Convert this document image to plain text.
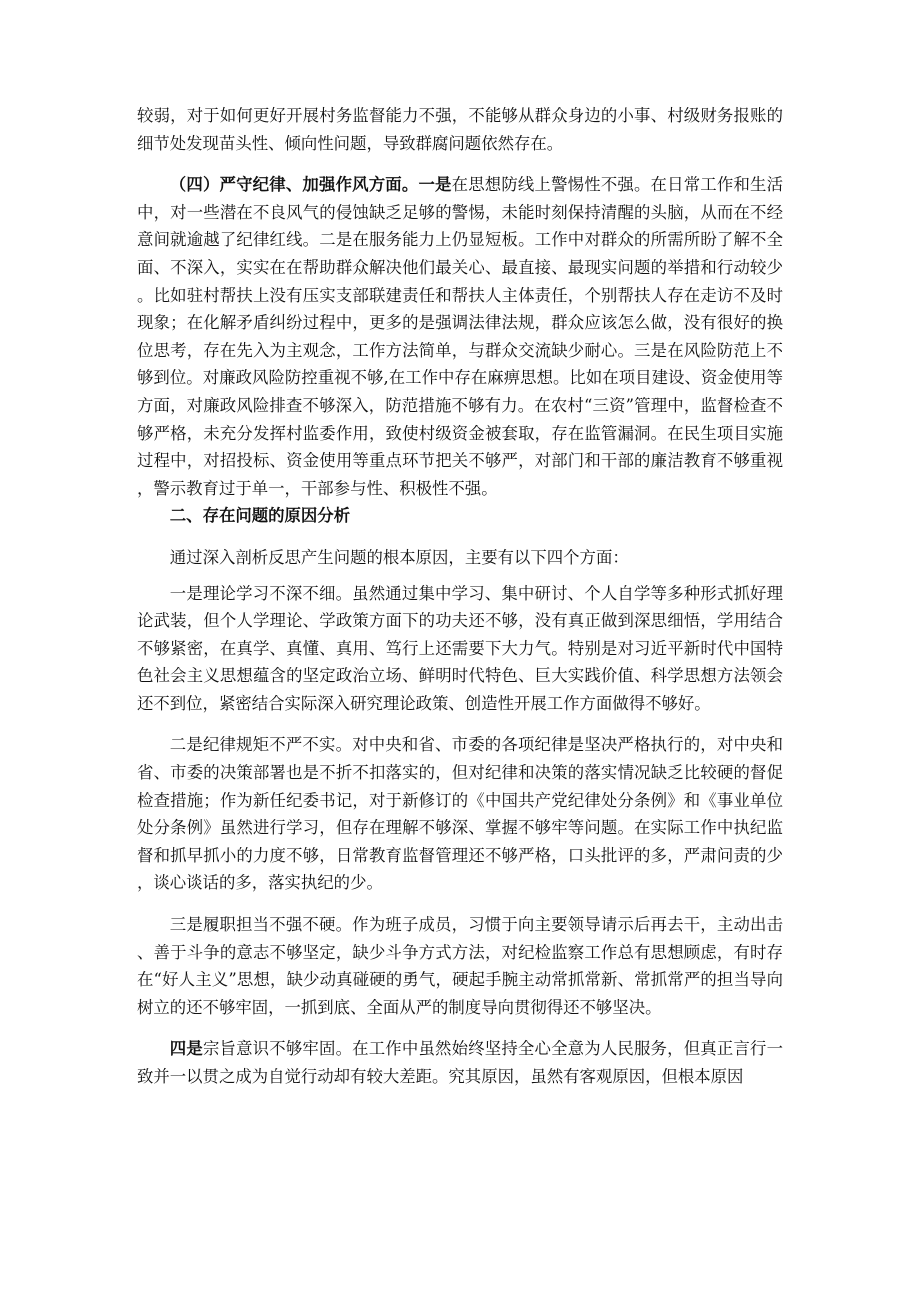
较弱，对于如何更好开展村务监督能力不强，不能够从群众身边的小事、村级财务报账的细节处发现苗头性、倾向性问题，导致群腐问题依然存在。

（四）严守纪律、加强作风方面。一是在思想防线上警惕性不强。在日常工作和生活中，对一些潜在不良风气的侵蚀缺乏足够的警惕，未能时刻保持清醒的头脑，从而在不经意间就逾越了纪律红线。二是在服务能力上仍显短板。工作中对群众的所需所盼了解不全面、不深入，实实在在帮助群众解决他们最关心、最直接、最现实问题的举措和行动较少。比如驻村帮扶上没有压实支部联建责任和帮扶人主体责任，个别帮扶人存在走访不及时现象；在化解矛盾纠纷过程中，更多的是强调法律法规，群众应该怎么做，没有很好的换位思考，存在先入为主观念，工作方法简单，与群众交流缺少耐心。三是在风险防范上不够到位。对廉政风险防控重视不够,在工作中存在麻痹思想。比如在项目建设、资金使用等方面，对廉政风险排查不够深入，防范措施不够有力。在农村“三资”管理中，监督检查不够严格，未充分发挥村监委作用，致使村级资金被套取，存在监管漏洞。在民生项目实施过程中，对招投标、资金使用等重点环节把关不够严，对部门和干部的廉洁教育不够重视，警示教育过于单一，干部参与性、积极性不强。

二、存在问题的原因分析

通过深入剖析反思产生问题的根本原因，主要有以下四个方面：

一是理论学习不深不细。虽然通过集中学习、集中研讨、个人自学等多种形式抓好理论武装，但个人学理论、学政策方面下的功夫还不够，没有真正做到深思细悟，学用结合不够紧密，在真学、真懂、真用、笃行上还需要下大力气。特别是对习近平新时代中国特色社会主义思想蕴含的坚定政治立场、鲜明时代特色、巨大实践价值、科学思想方法领会还不到位，紧密结合实际深入研究理论政策、创造性开展工作方面做得不够好。

二是纪律规矩不严不实。对中央和省、市委的各项纪律是坚决严格执行的，对中央和省、市委的决策部署也是不折不扣落实的，但对纪律和决策的落实情况缺乏比较硬的督促检查措施；作为新任纪委书记，对于新修订的《中国共产党纪律处分条例》和《事业单位处分条例》虽然进行学习，但存在理解不够深、掌握不够牢等问题。在实际工作中执纪监督和抓早抓小的力度不够，日常教育监督管理还不够严格，口头批评的多，严肃问责的少，谈心谈话的多，落实执纪的少。

三是履职担当不强不硬。作为班子成员，习惯于向主要领导请示后再去干，主动出击、善于斗争的意志不够坚定，缺少斗争方式方法，对纪检监察工作总有思想顾虑，有时存在“好人主义”思想，缺少动真碰硬的勇气，硬起手腕主动常抓常新、常抓常严的担当导向树立的还不够牢固，一抓到底、全面从严的制度导向贯彻得还不够坚决。

四是宗旨意识不够牢固。在工作中虽然始终坚持全心全意为人民服务，但真正言行一致并一以贯之成为自觉行动却有较大差距。究其原因，虽然有客观原因，但根本原因
